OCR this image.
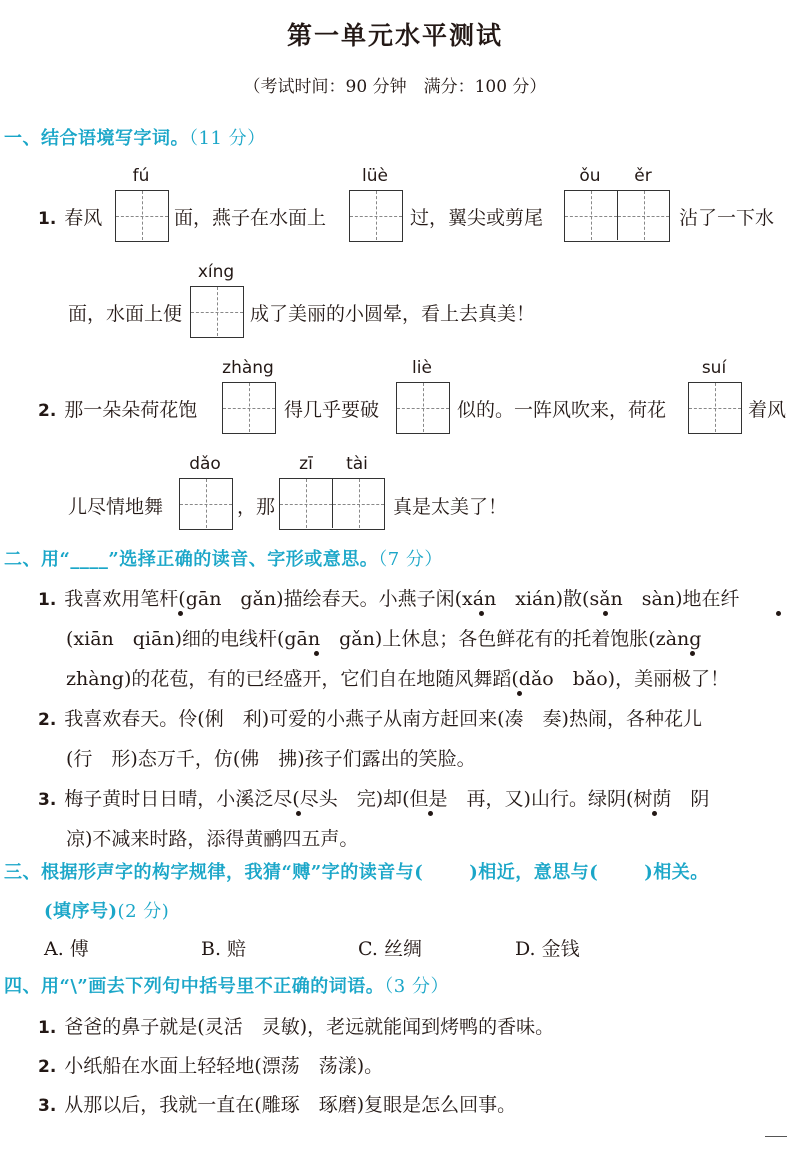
第一单元水平测试
（考试时间：90 分钟　满分：100 分）
一、结合语境写字词。（11 分）
1. 春风
fú
面，燕子在水面上
lüè
过，翼尖或剪尾
ǒu	ěr
沾了一下水
面，水面上便
xíng
成了美丽的小圆晕，看上去真美！
2. 那一朵朵荷花饱
zhàng
得几乎要破
liè
似的。一阵风吹来，荷花
suí
着风
儿尽情地舞
dǎo
，那
zī	tài
真是太美了！
二、用“____”选择正确的读音、字形或意思。（7 分）
1. 我喜欢用笔杆(gān　gǎn)描绘春天。小燕子闲(xán　xián)散(sǎn　sàn)地在纤
(xiān　qiān)细的电线杆(gān　gǎn)上休息；各色鲜花有的托着饱胀(zàng
zhàng)的花苞，有的已经盛开，它们自在地随风舞蹈(dǎo　bǎo)，美丽极了！
2. 我喜欢春天。伶(俐　利)可爱的小燕子从南方赶回来(凑　奏)热闹，各种花儿
(行　形)态万千，仿(佛　拂)孩子们露出的笑脸。
3. 梅子黄时日日晴，小溪泛尽(尽头　完)却(但是　再，又)山行。绿阴(树荫　阴
凉)不减来时路，添得黄鹂四五声。
三、根据形声字的构字规律，我猜“赙”字的读音与(	)相近，意思与(	)相关。
(填序号)(2 分)
A. 傅	B. 赔	C. 丝绸	D. 金钱
四、用“\”画去下列句中括号里不正确的词语。（3 分）
1. 爸爸的鼻子就是(灵活　灵敏)，老远就能闻到烤鸭的香味。
2. 小纸船在水面上轻轻地(漂荡　荡漾)。
3. 从那以后，我就一直在(雕琢　琢磨)复眼是怎么回事。
